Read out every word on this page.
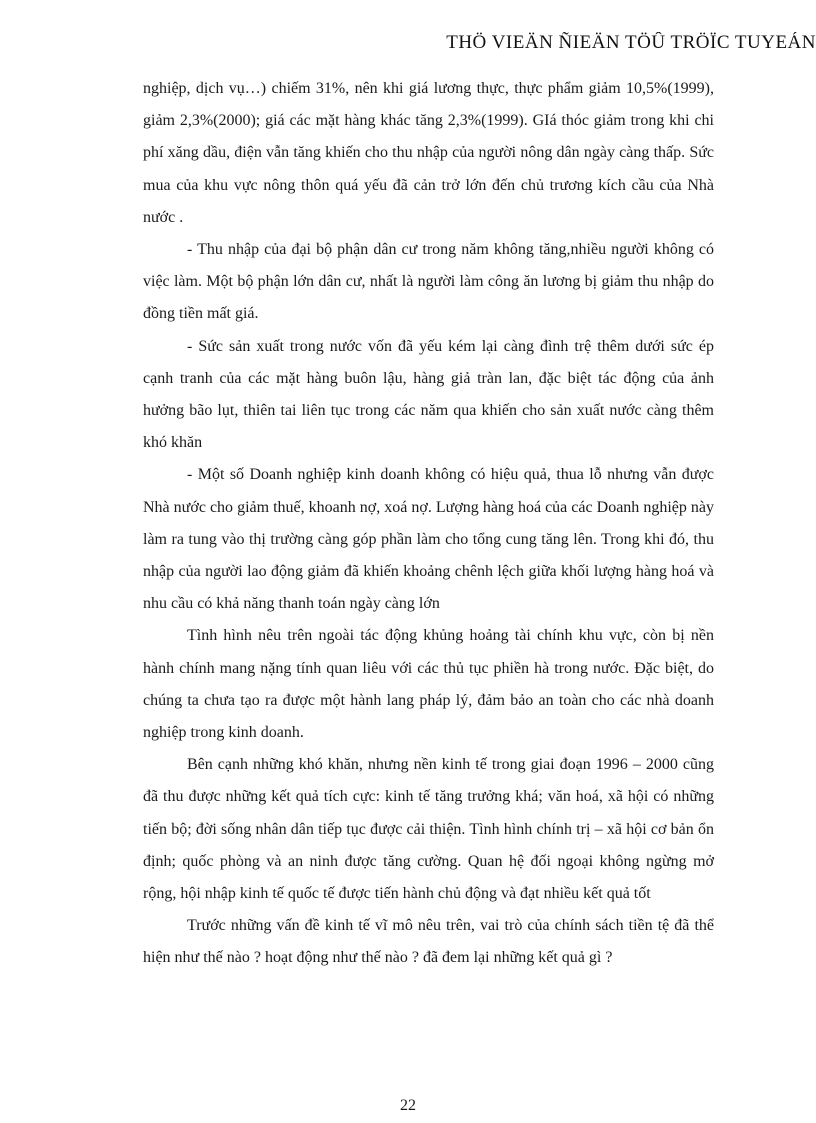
THÖ VIEÄN ÑIEÄN TÖÛ TRÖÏC TUYEÁN

nghiệp, dịch vụ…) chiếm 31%, nên khi giá lương thực, thực phẩm giảm 10,5%(1999), giảm 2,3%(2000); giá các mặt hàng khác tăng 2,3%(1999). GIá thóc giảm trong khi chi phí xăng dầu, điện vẫn tăng khiến cho thu nhập của người nông dân ngày càng thấp. Sức mua của khu vực nông thôn quá yếu đã cản trở lớn đến chủ trương kích cầu của Nhà nước .

- Thu nhập của đại bộ phận dân cư trong năm không tăng,nhiều người không có việc làm. Một bộ phận lớn dân cư, nhất là người làm công ăn lương bị giảm thu nhập do đồng tiền mất giá.

- Sức sản xuất trong nước vốn đã yếu kém lại càng đình trệ thêm dưới sức ép cạnh tranh của các mặt hàng buôn lậu, hàng giả tràn lan, đặc biệt tác động của ảnh hưởng bão lụt, thiên tai liên tục trong các năm qua khiến cho sản xuất nước càng thêm khó khăn

- Một số Doanh nghiệp kinh doanh không có hiệu quả, thua lỗ nhưng vẫn được Nhà nước cho giảm thuế, khoanh nợ, xoá nợ. Lượng hàng hoá của các Doanh nghiệp này làm ra tung vào thị trường càng góp phần làm cho tổng cung tăng lên. Trong khi đó, thu nhập của người lao động giảm đã khiến khoảng chênh lệch giữa khối lượng hàng hoá và nhu cầu có khả năng thanh toán ngày càng lớn

Tình hình nêu trên ngoài tác động khủng hoảng tài chính khu vực, còn bị nền hành chính mang nặng tính quan liêu với các thủ tục phiền hà trong nước. Đặc biệt, do chúng ta chưa tạo ra được một hành lang pháp lý, đảm bảo an toàn cho các nhà doanh nghiệp trong kinh doanh.

Bên cạnh những khó khăn, nhưng nền kinh tế trong giai đoạn 1996 – 2000 cũng đã thu được những kết quả tích cực: kinh tế tăng trưởng khá; văn hoá, xã hội có những tiến bộ; đời sống nhân dân tiếp tục được cải thiện. Tình hình chính trị – xã hội cơ bản ổn định; quốc phòng và an ninh được tăng cường. Quan hệ đối ngoại không ngừng mở rộng, hội nhập kinh tế quốc tế được tiến hành chủ động và đạt nhiều kết quả tốt

Trước những vấn đề kinh tế vĩ mô nêu trên, vai trò của chính sách tiền tệ đã thể hiện như thế nào ? hoạt động như thế nào ? đã đem lại những kết quả gì ?

22
